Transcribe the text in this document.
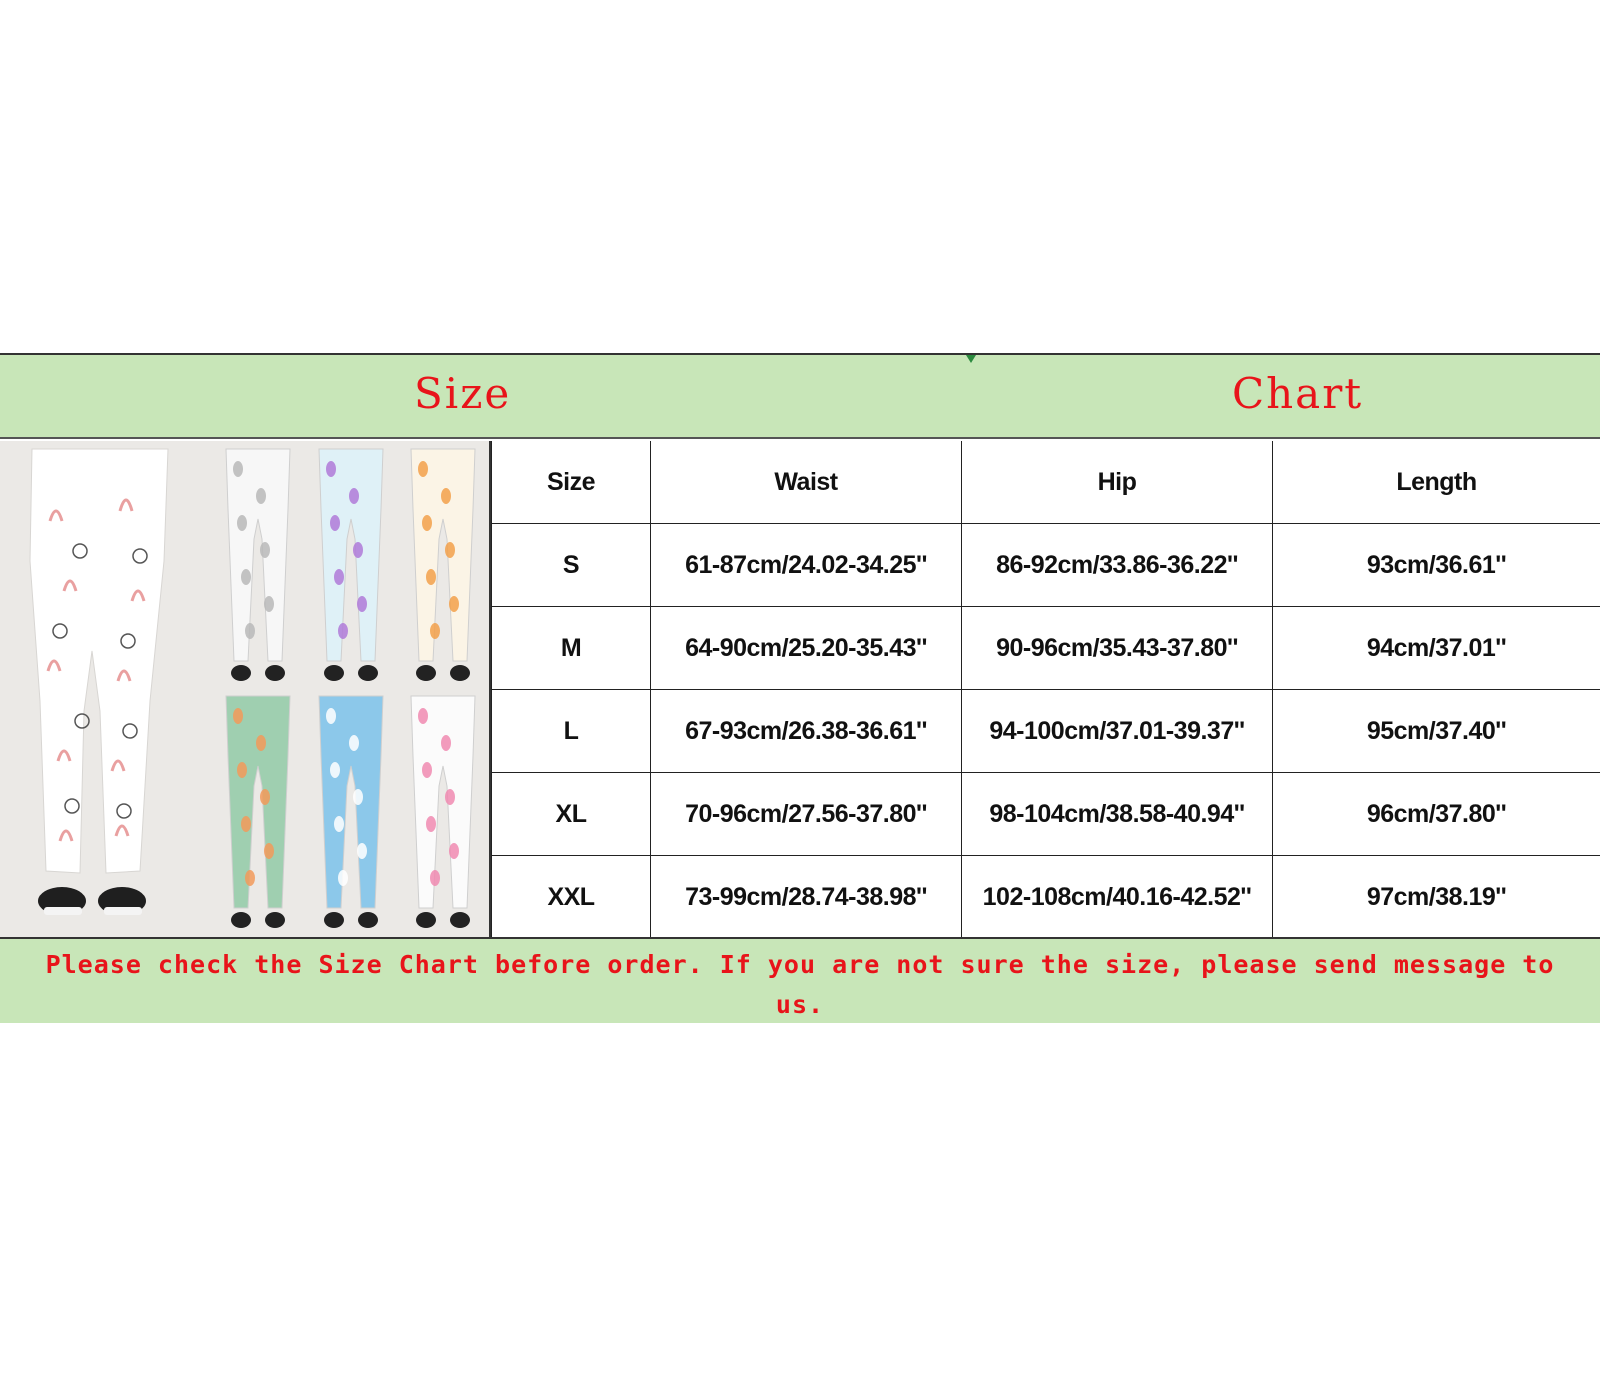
Size	Chart
Size	Waist	Hip	Length
S	61-87cm/24.02-34.25''	86-92cm/33.86-36.22''	93cm/36.61''
M	64-90cm/25.20-35.43''	90-96cm/35.43-37.80''	94cm/37.01''
L	67-93cm/26.38-36.61''	94-100cm/37.01-39.37''	95cm/37.40''
XL	70-96cm/27.56-37.80''	98-104cm/38.58-40.94''	96cm/37.80''
XXL	73-99cm/28.74-38.98''	102-108cm/40.16-42.52''	97cm/38.19''

Please check the Size Chart before order. If you are not sure the size, please send message to us.
